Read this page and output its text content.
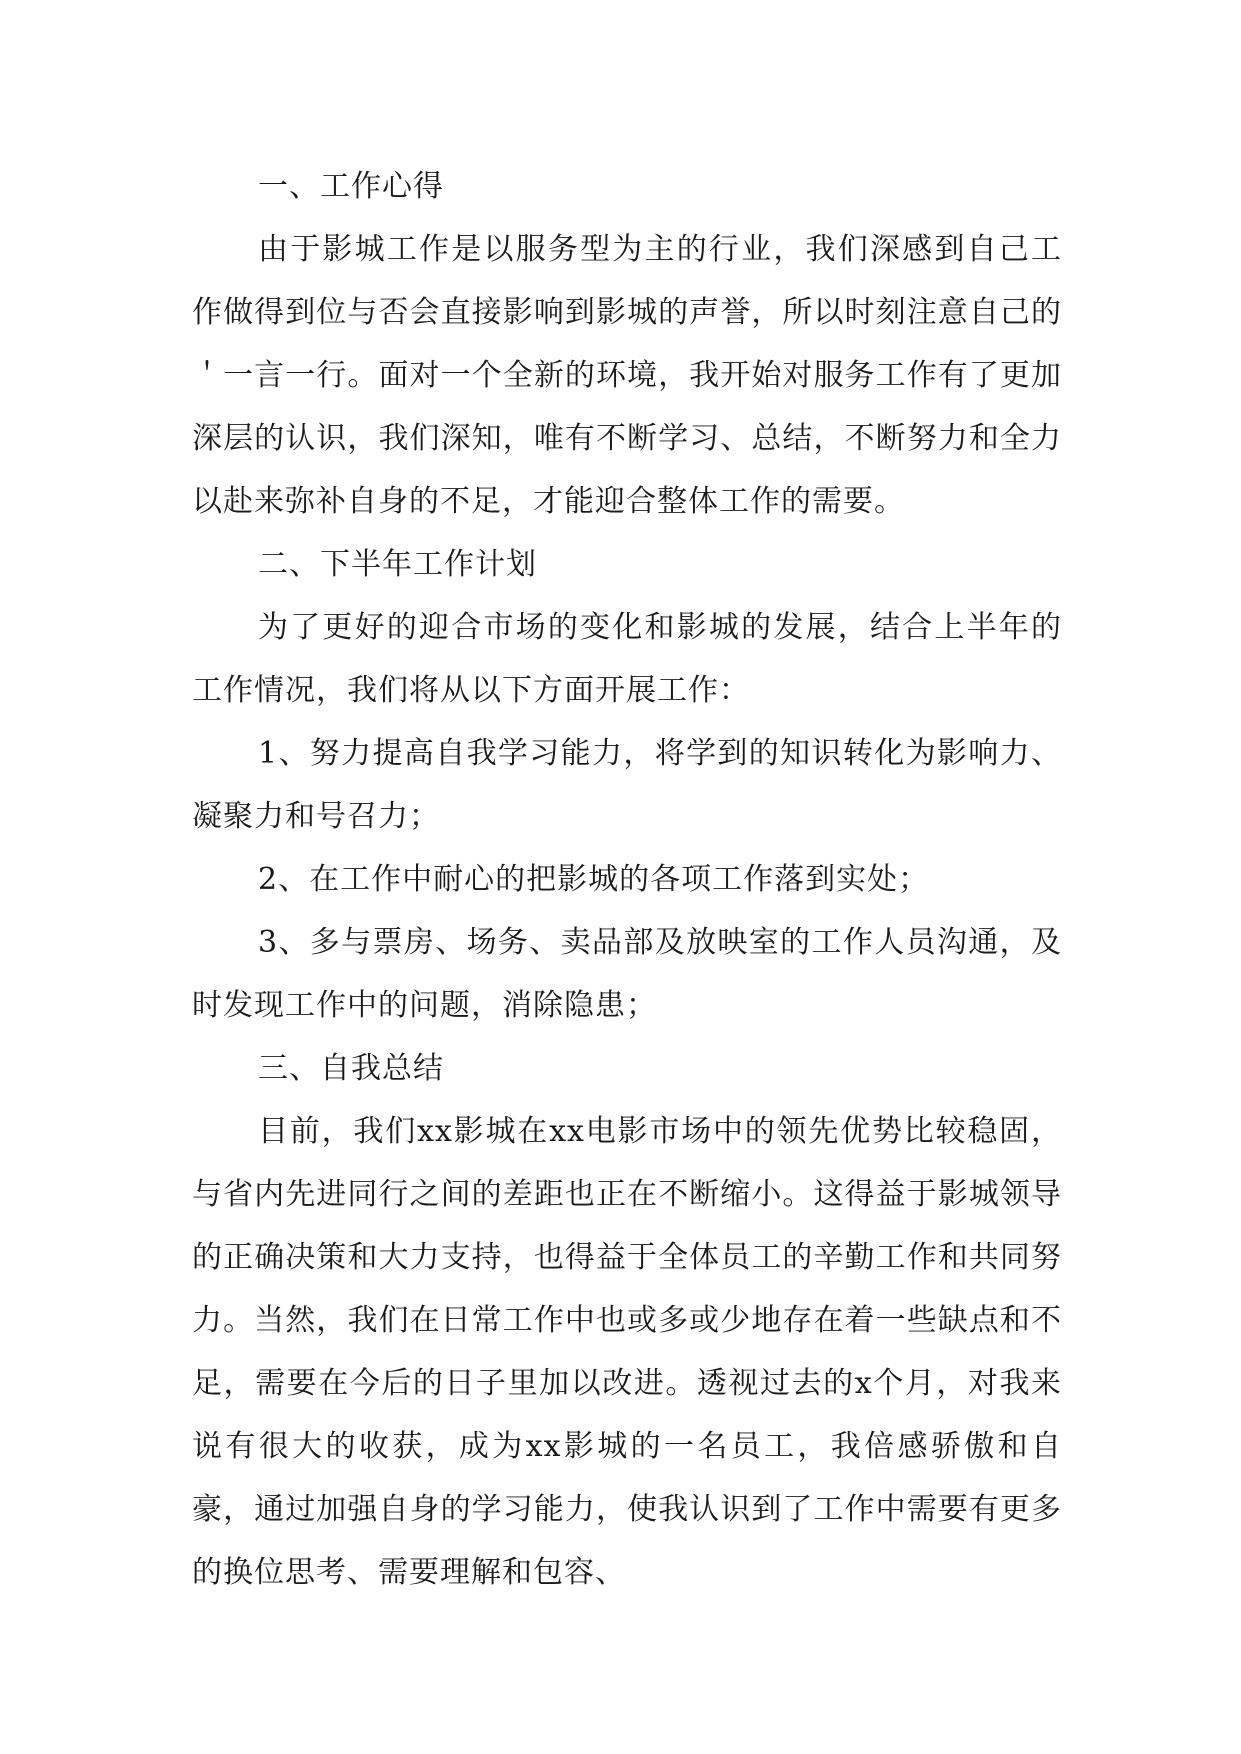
一、工作心得

由于影城工作是以服务型为主的行业，我们深感到自己工作做得到位与否会直接影响到影城的声誉，所以时刻注意自己的＇一言一行。面对一个全新的环境，我开始对服务工作有了更加深层的认识，我们深知，唯有不断学习、总结，不断努力和全力以赴来弥补自身的不足，才能迎合整体工作的需要。

二、下半年工作计划

为了更好的迎合市场的变化和影城的发展，结合上半年的工作情况，我们将从以下方面开展工作：

1、努力提高自我学习能力，将学到的知识转化为影响力、凝聚力和号召力；

2、在工作中耐心的把影城的各项工作落到实处；

3、多与票房、场务、卖品部及放映室的工作人员沟通，及时发现工作中的问题，消除隐患；

三、自我总结

目前，我们xx影城在xx电影市场中的领先优势比较稳固，与省内先进同行之间的差距也正在不断缩小。这得益于影城领导的正确决策和大力支持，也得益于全体员工的辛勤工作和共同努力。当然，我们在日常工作中也或多或少地存在着一些缺点和不足，需要在今后的日子里加以改进。透视过去的x个月，对我来说有很大的收获，成为xx影城的一名员工，我倍感骄傲和自豪，通过加强自身的学习能力，使我认识到了工作中需要有更多的换位思考、需要理解和包容、
